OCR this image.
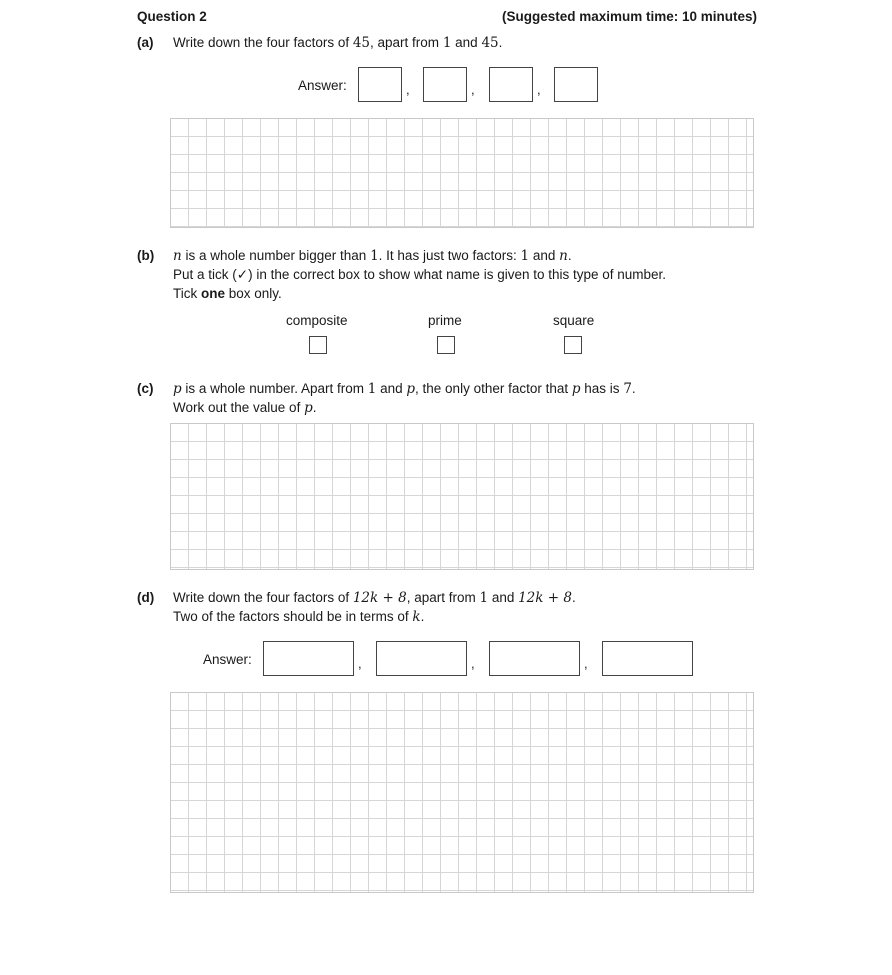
Question 2	(Suggested maximum time: 10 minutes)
(a) Write down the four factors of 45, apart from 1 and 45.
Answer:	,	,	,
(b) n is a whole number bigger than 1. It has just two factors: 1 and n.
Put a tick (✓) in the correct box to show what name is given to this type of number.
Tick one box only.
composite	prime	square
(c) p is a whole number. Apart from 1 and p, the only other factor that p has is 7.
Work out the value of p.
(d) Write down the four factors of 12k + 8, apart from 1 and 12k + 8.
Two of the factors should be in terms of k.
Answer:	,	,	,
